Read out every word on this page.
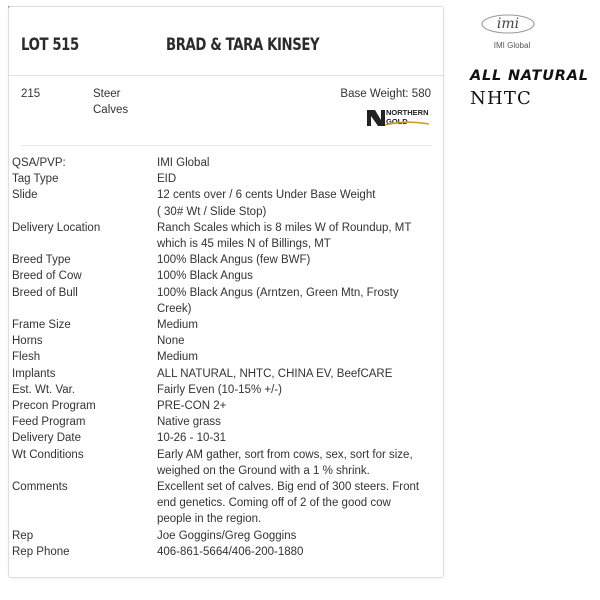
LOT 515	BRAD & TARA KINSEY
215	Steer
Calves
Base Weight: 580
NORTHERN
GOLD
QSA/PVP:	IMI Global
Tag Type	EID
Slide	12 cents over / 6 cents Under Base Weight
( 30# Wt / Slide Stop)
Delivery Location	Ranch Scales which is 8 miles W of Roundup, MT
which is 45 miles N of Billings, MT
Breed Type	100% Black Angus (few BWF)
Breed of Cow	100% Black Angus
Breed of Bull	100% Black Angus (Arntzen, Green Mtn, Frosty
Creek)
Frame Size	Medium
Horns	None
Flesh	Medium
Implants	ALL NATURAL, NHTC, CHINA EV, BeefCARE
Est. Wt. Var.	Fairly Even (10-15% +/-)
Precon Program	PRE-CON 2+
Feed Program	Native grass
Delivery Date	10-26 - 10-31
Wt Conditions	Early AM gather, sort from cows, sex, sort for size,
weighed on the Ground with a 1 % shrink.
Comments	Excellent set of calves. Big end of 300 steers. Front
end genetics. Coming off of 2 of the good cow
people in the region.
Rep	Joe Goggins/Greg Goggins
Rep Phone	406-861-5664/406-200-1880
imi
IMI Global
ALL NATURAL
NHTC
